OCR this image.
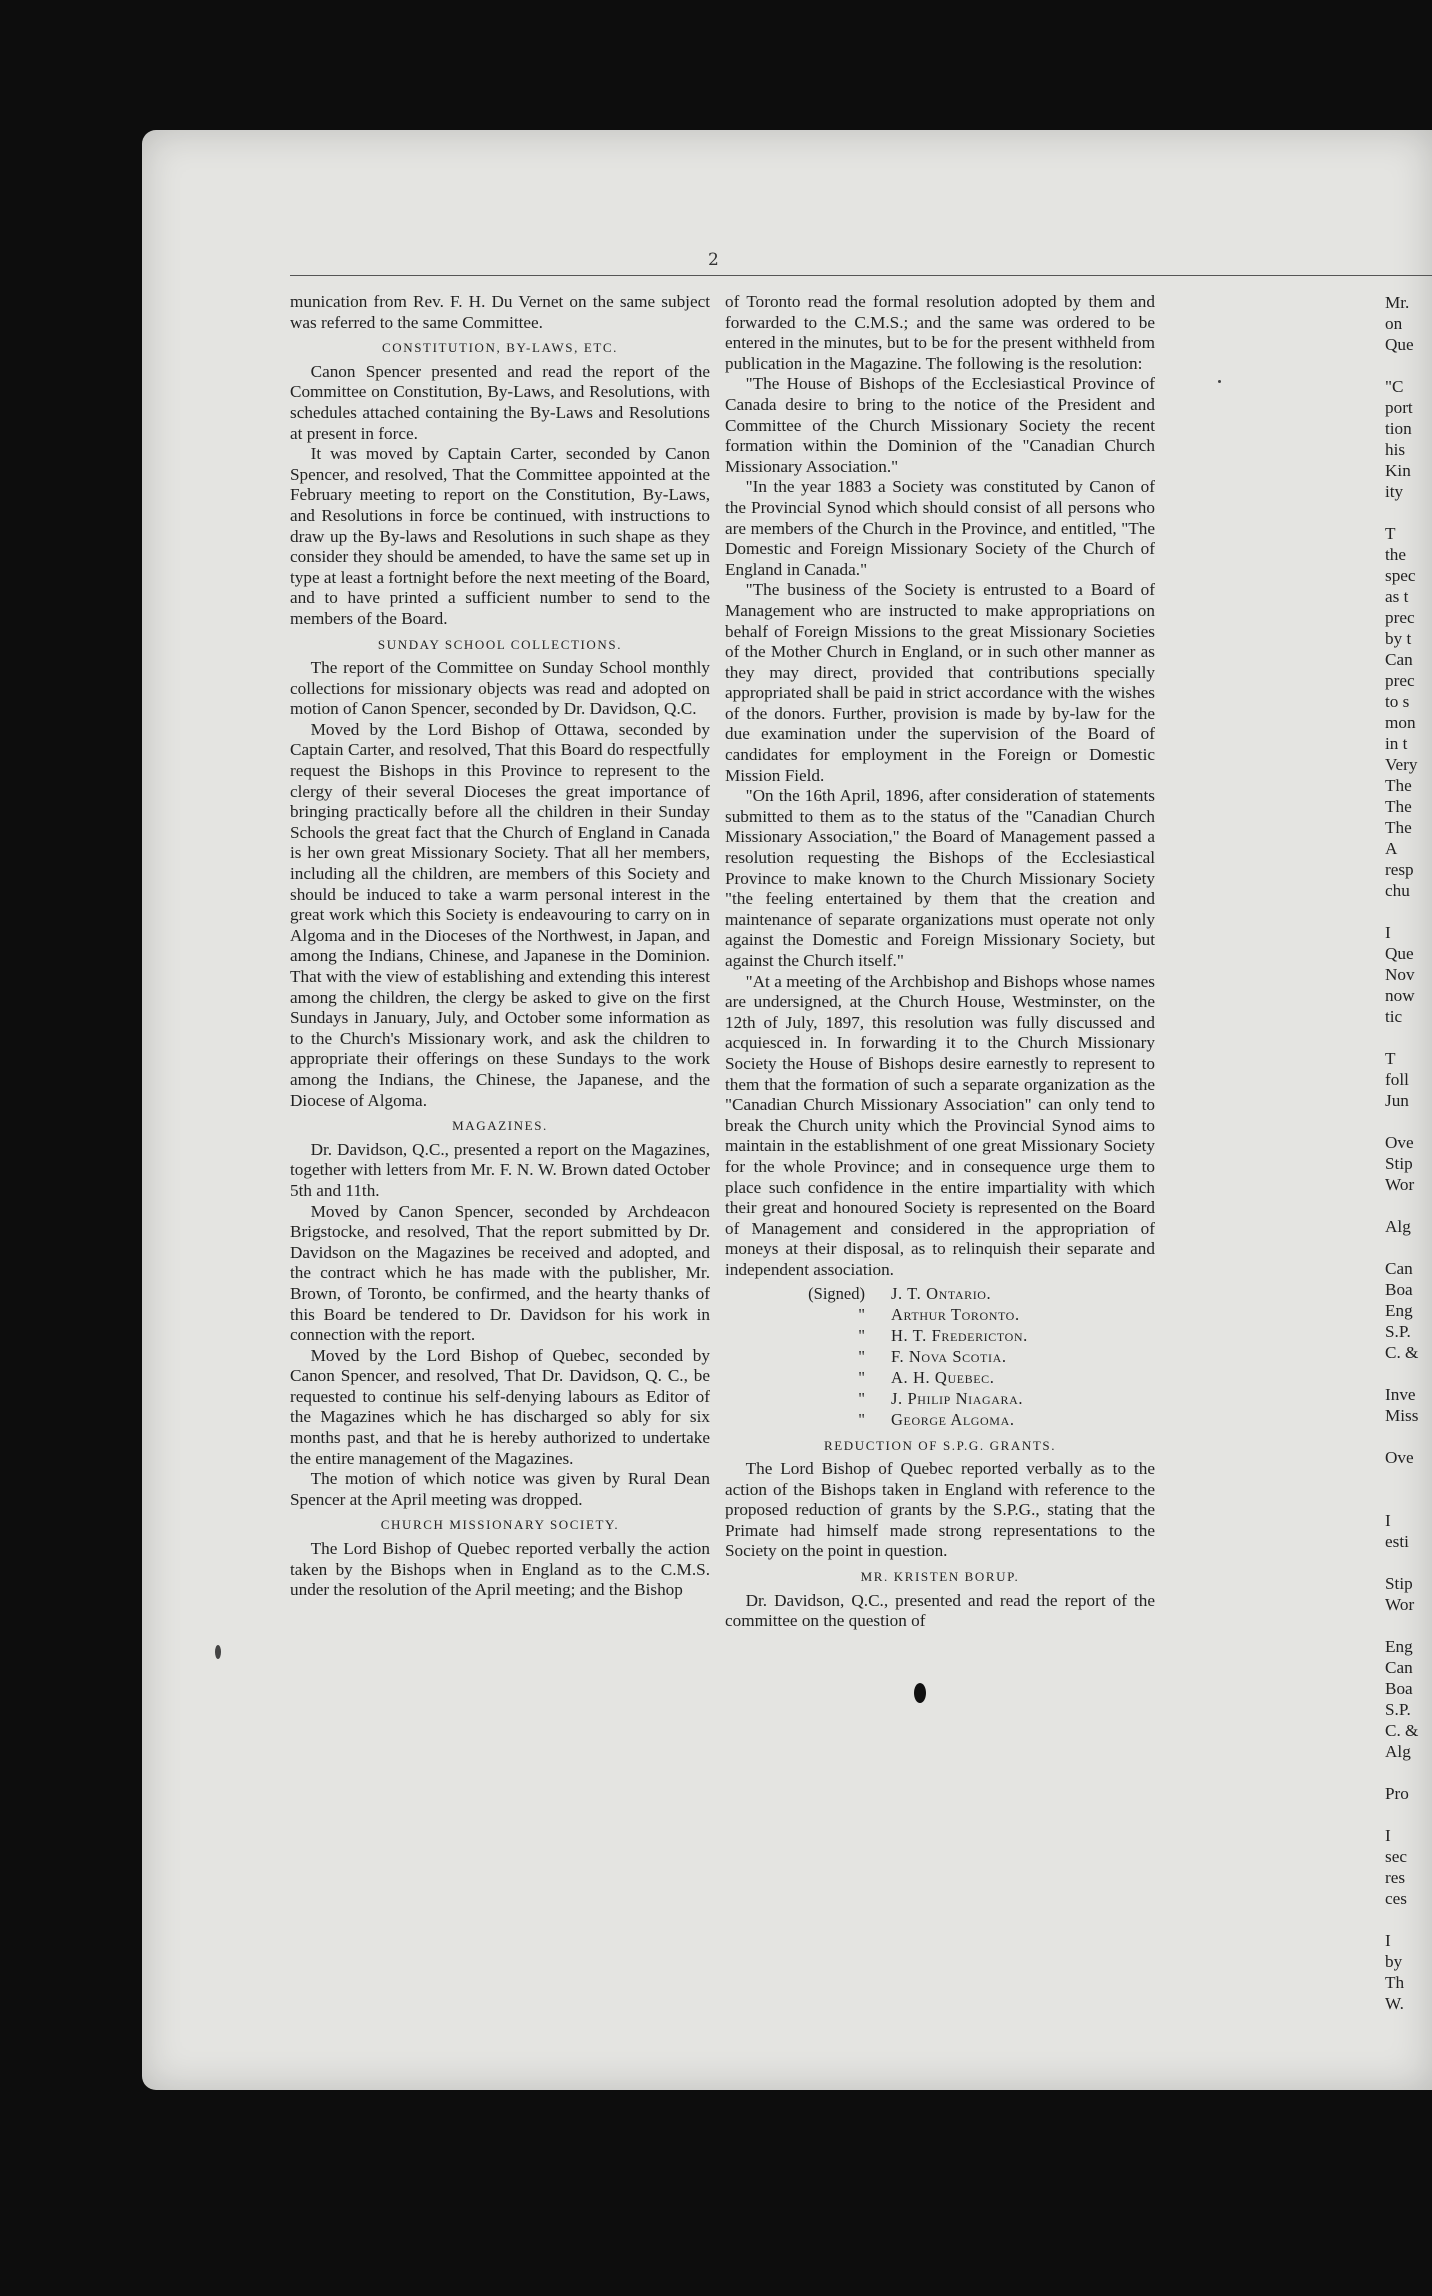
2

munication from Rev. F. H. Du Vernet on the same subject was referred to the same Committee.

CONSTITUTION, BY-LAWS, ETC.

Canon Spencer presented and read the report of the Committee on Constitution, By-Laws, and Resolutions, with schedules attached containing the By-Laws and Resolutions at present in force.

It was moved by Captain Carter, seconded by Canon Spencer, and resolved, That the Committee appointed at the February meeting to report on the Constitution, By-Laws, and Resolutions in force be continued, with instructions to draw up the By-laws and Resolutions in such shape as they consider they should be amended, to have the same set up in type at least a fortnight before the next meeting of the Board, and to have printed a sufficient number to send to the members of the Board.

SUNDAY SCHOOL COLLECTIONS.

The report of the Committee on Sunday School monthly collections for missionary objects was read and adopted on motion of Canon Spencer, seconded by Dr. Davidson, Q.C.

Moved by the Lord Bishop of Ottawa, seconded by Captain Carter, and resolved, That this Board do respectfully request the Bishops in this Province to represent to the clergy of their several Dioceses the great importance of bringing practically before all the children in their Sunday Schools the great fact that the Church of England in Canada is her own great Missionary Society. That all her members, including all the children, are members of this Society and should be induced to take a warm personal interest in the great work which this Society is endeavouring to carry on in Algoma and in the Dioceses of the Northwest, in Japan, and among the Indians, Chinese, and Japanese in the Dominion. That with the view of establishing and extending this interest among the children, the clergy be asked to give on the first Sundays in January, July, and October some information as to the Church's Missionary work, and ask the children to appropriate their offerings on these Sundays to the work among the Indians, the Chinese, the Japanese, and the Diocese of Algoma.

MAGAZINES.

Dr. Davidson, Q.C., presented a report on the Magazines, together with letters from Mr. F. N. W. Brown dated October 5th and 11th.

Moved by Canon Spencer, seconded by Archdeacon Brigstocke, and resolved, That the report submitted by Dr. Davidson on the Magazines be received and adopted, and the contract which he has made with the publisher, Mr. Brown, of Toronto, be confirmed, and the hearty thanks of this Board be tendered to Dr. Davidson for his work in connection with the report.

Moved by the Lord Bishop of Quebec, seconded by Canon Spencer, and resolved, That Dr. Davidson, Q. C., be requested to continue his self-denying labours as Editor of the Magazines which he has discharged so ably for six months past, and that he is hereby authorized to undertake the entire management of the Magazines.

The motion of which notice was given by Rural Dean Spencer at the April meeting was dropped.

CHURCH MISSIONARY SOCIETY.

The Lord Bishop of Quebec reported verbally the action taken by the Bishops when in England as to the C.M.S. under the resolution of the April meeting; and the Bishop

of Toronto read the formal resolution adopted by them and forwarded to the C.M.S.; and the same was ordered to be entered in the minutes, but to be for the present withheld from publication in the Magazine. The following is the resolution:

"The House of Bishops of the Ecclesiastical Province of Canada desire to bring to the notice of the President and Committee of the Church Missionary Society the recent formation within the Dominion of the "Canadian Church Missionary Association."

"In the year 1883 a Society was constituted by Canon of the Provincial Synod which should consist of all persons who are members of the Church in the Province, and entitled, "The Domestic and Foreign Missionary Society of the Church of England in Canada."

"The business of the Society is entrusted to a Board of Management who are instructed to make appropriations on behalf of Foreign Missions to the great Missionary Societies of the Mother Church in England, or in such other manner as they may direct, provided that contributions specially appropriated shall be paid in strict accordance with the wishes of the donors. Further, provision is made by by-law for the due examination under the supervision of the Board of candidates for employment in the Foreign or Domestic Mission Field.

"On the 16th April, 1896, after consideration of statements submitted to them as to the status of the "Canadian Church Missionary Association," the Board of Management passed a resolution requesting the Bishops of the Ecclesiastical Province to make known to the Church Missionary Society "the feeling entertained by them that the creation and maintenance of separate organizations must operate not only against the Domestic and Foreign Missionary Society, but against the Church itself."

"At a meeting of the Archbishop and Bishops whose names are undersigned, at the Church House, Westminster, on the 12th of July, 1897, this resolution was fully discussed and acquiesced in. In forwarding it to the Church Missionary Society the House of Bishops desire earnestly to represent to them that the formation of such a separate organization as the "Canadian Church Missionary Association" can only tend to break the Church unity which the Provincial Synod aims to maintain in the establishment of one great Missionary Society for the whole Province; and in consequence urge them to place such confidence in the entire impartiality with which their great and honoured Society is represented on the Board of Management and considered in the appropriation of moneys at their disposal, as to relinquish their separate and independent association.

(Signed)	J. T. Ontario.
"	Arthur Toronto.
"	H. T. Fredericton.
"	F. Nova Scotia.
"	A. H. Quebec.
"	J. Philip Niagara.
"	George Algoma.
REDUCTION OF S.P.G. GRANTS.

The Lord Bishop of Quebec reported verbally as to the action of the Bishops taken in England with reference to the proposed reduction of grants by the S.P.G., stating that the Primate had himself made strong representations to the Society on the point in question.

MR. KRISTEN BORUP.

Dr. Davidson, Q.C., presented and read the report of the committee on the question of

Mr.
on
Que

"C
port
tion
his
Kin
ity

T
the
spec
as t
prec
by t
Can
prec
to s
mon
in t
Very
The
The
The
A
resp
chu

I
Que
Nov
now
tic

T
foll
Jun

Ove
Stip
Wor

Alg

Can
Boa
Eng
S.P.
C. &

Inve
Miss

Ove

I
esti

Stip
Wor

Eng
Can
Boa
S.P.
C. &
Alg

Pro

I
sec
res
ces

I
by
Th
W.
